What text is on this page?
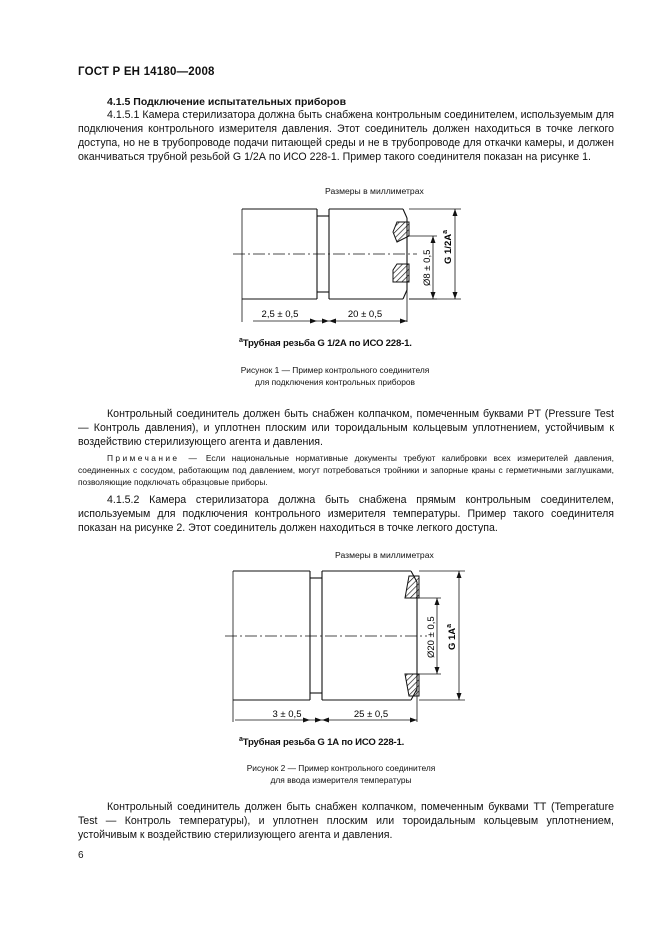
ГОСТ Р ЕН 14180—2008
4.1.5 Подключение испытательных приборов

4.1.5.1 Камера стерилизатора должна быть снабжена контрольным соединителем, используемым для подключения контрольного измерителя давления. Этот соединитель должен находиться в точке легкого доступа, но не в трубопроводе подачи питающей среды и не в трубопроводе для откачки камеры, и должен оканчиваться трубной резьбой G 1/2А по ИСО 228-1. Пример такого соединителя показан на рисунке 1.

Размеры в миллиметрах
2,5 ± 0,5	20 ± 0,5
Ø8 ± 0,5
G $1/2A^a$
$^a$Трубная резьба G 1/2А по ИСО 228-1.
Рисунок 1 — Пример контрольного соединителя
для подключения контрольных приборов

Контрольный соединитель должен быть снабжен колпачком, помеченным буквами PT (Pressure Test — Контроль давления), и уплотнен плоским или тороидальным кольцевым уплотнением, устойчивым к воздействию стерилизующего агента и давления.

Примечание — Если национальные нормативные документы требуют калибровки всех измерителей давления, соединенных с сосудом, работающим под давлением, могут потребоваться тройники и запорные краны с герметичными заглушками, позволяющие подключать образцовые приборы.

4.1.5.2 Камера стерилизатора должна быть снабжена прямым контрольным соединителем, используемым для подключения контрольного измерителя температуры. Пример такого соединителя показан на рисунке 2. Этот соединитель должен находиться в точке легкого доступа.

Размеры в миллиметрах
3 ± 0,5	25 ± 0,5
Ø20 ± 0,5 G $1A^a$
$^a$Трубная резьба G 1А по ИСО 228-1.
Рисунок 2 — Пример контрольного соединителя
для ввода измерителя температуры

Контрольный соединитель должен быть снабжен колпачком, помеченным буквами TT (Temperature Test — Контроль температуры), и уплотнен плоским или тороидальным кольцевым уплотнением, устойчивым к воздействию стерилизующего агента и давления.

6
